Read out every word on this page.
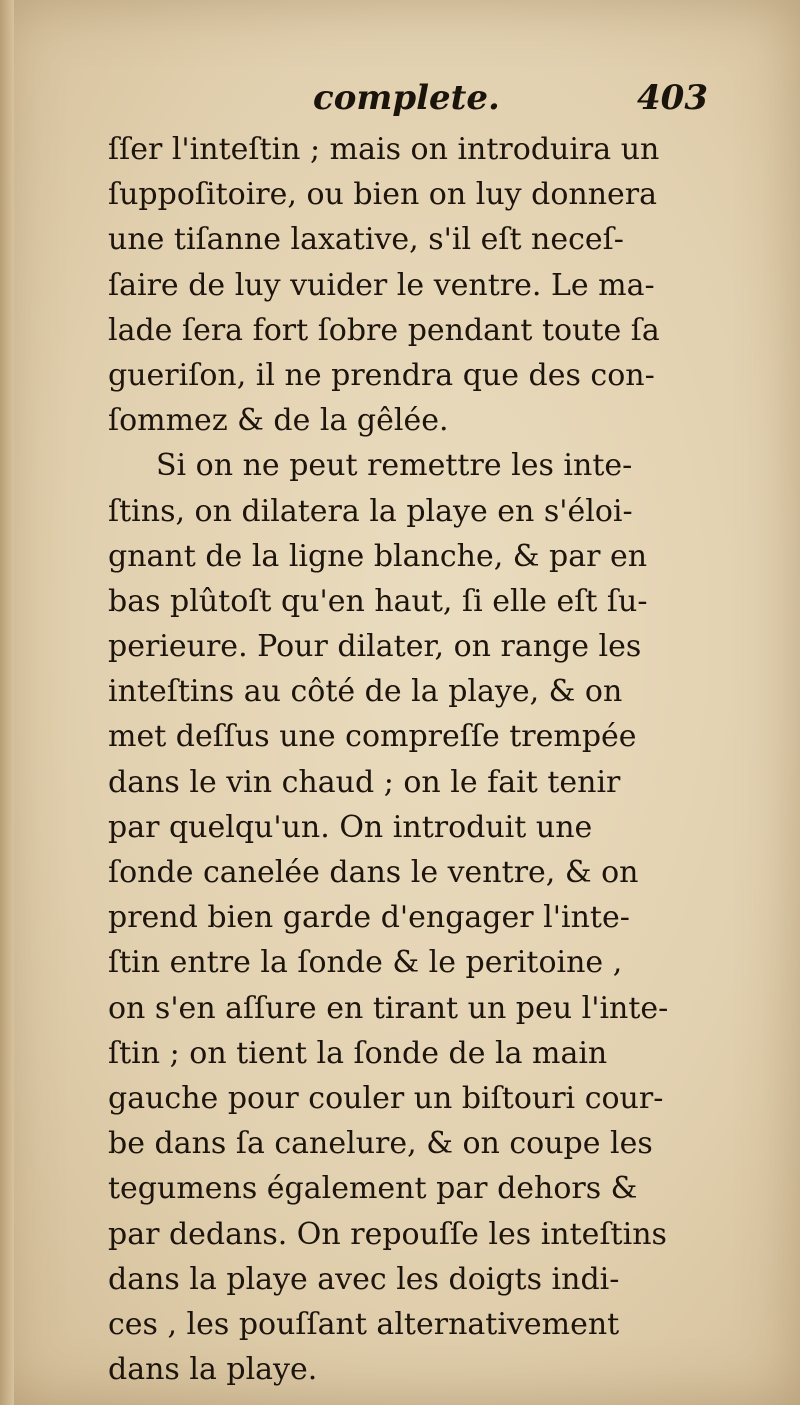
complete.	403
ſſer l'inteſtin ; mais on introduira un
ſuppoſitoire, ou bien on luy donnera
une tiſanne laxative, s'il eſt neceſ-
ſaire de luy vuider le ventre. Le ma-
lade ſera fort ſobre pendant toute ſa
gueriſon, il ne prendra que des con-
ſommez & de la gêlée.
Si on ne peut remettre les inte-
ſtins, on dilatera la playe en s'éloi-
gnant de la ligne blanche, & par en
bas plûtoſt qu'en haut, ſi elle eſt ſu-
perieure. Pour dilater, on range les
inteſtins au côté de la playe, & on
met deſſus une compreſſe trempée
dans le vin chaud ; on le fait tenir
par quelqu'un. On introduit une
ſonde canelée dans le ventre, & on
prend bien garde d'engager l'inte-
ſtin entre la ſonde & le peritoine ,
on s'en aſſure en tirant un peu l'inte-
ſtin ; on tient la ſonde de la main
gauche pour couler un biſtouri cour-
be dans ſa canelure, & on coupe les
tegumens également par dehors &
par dedans. On repouſſe les inteſtins
dans la playe avec les doigts indi-
ces , les pouſſant alternativement
dans la playe.
